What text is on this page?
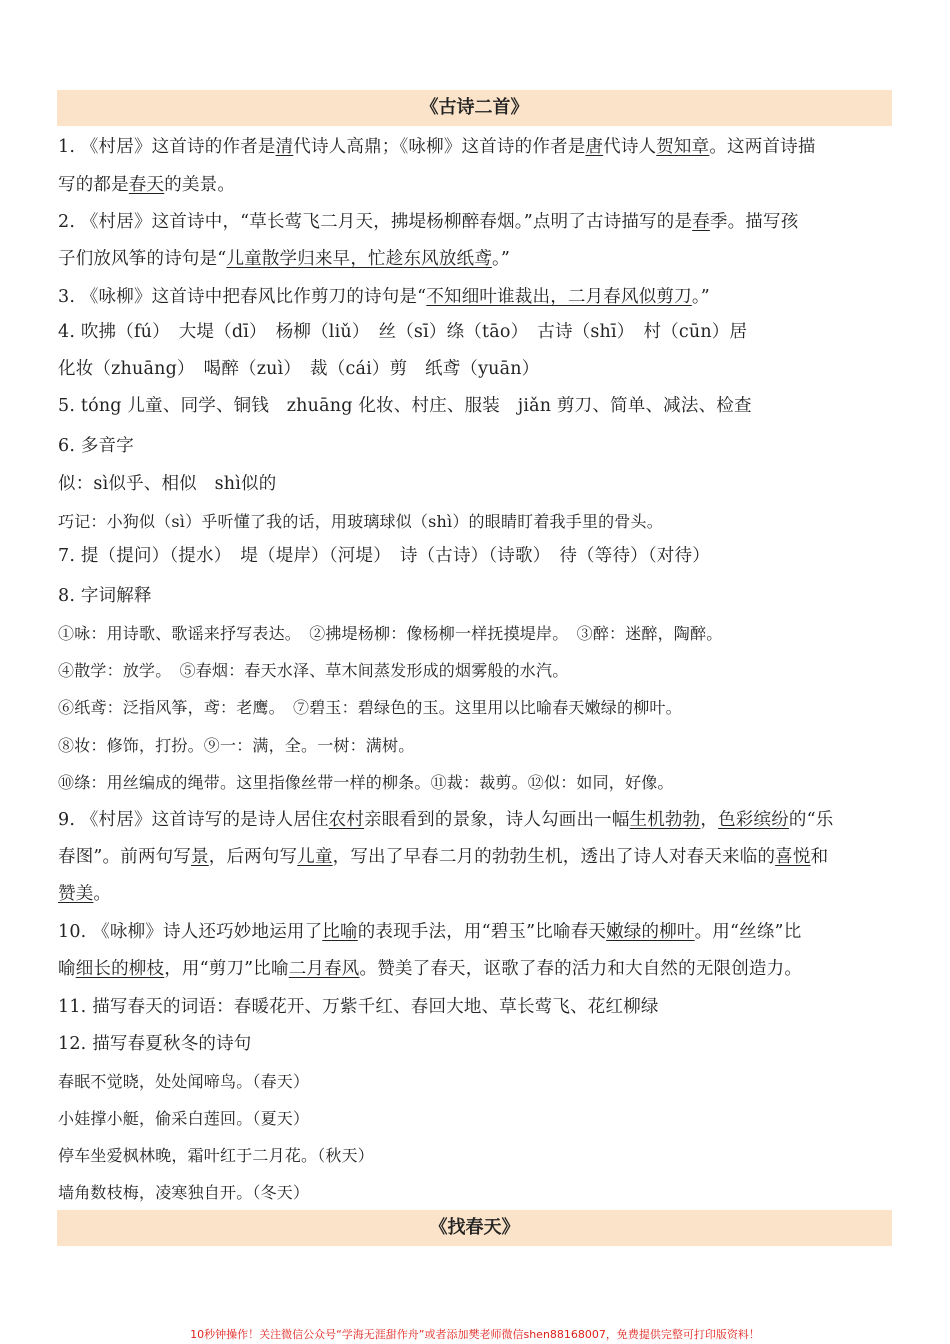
《古诗二首》
1. 《村居》这首诗的作者是清代诗人高鼎；《咏柳》这首诗的作者是唐代诗人贺知章。这两首诗描
写的都是春天的美景。
2. 《村居》这首诗中，“草长莺飞二月天，拂堤杨柳醉春烟。”点明了古诗描写的是春季。描写孩
子们放风筝的诗句是“儿童散学归来早，忙趁东风放纸鸢。”
3. 《咏柳》这首诗中把春风比作剪刀的诗句是“不知细叶谁裁出，二月春风似剪刀。”
4. 吹拂（fú）　大堤（dī）　杨柳（liǔ）　丝（sī）绦（tāo）　古诗（shī）　村（cūn）居
化妆（zhuāng）　喝醉（zuì）　裁（cái）剪　纸鸢（yuān）
5. tóng 儿童、同学、铜钱　zhuāng 化妆、村庄、服装　jiǎn 剪刀、简单、减法、检查
6. 多音字
似：sì似乎、相似　shì似的
巧记：小狗似（sì）乎听懂了我的话，用玻璃球似（shì）的眼睛盯着我手里的骨头。
7. 提（提问）（提水）　堤（堤岸）（河堤）　诗（古诗）（诗歌）　待（等待）（对待）
8. 字词解释
①咏：用诗歌、歌谣来抒写表达。　②拂堤杨柳：像杨柳一样抚摸堤岸。　③醉：迷醉，陶醉。
④散学：放学。　⑤春烟：春天水泽、草木间蒸发形成的烟雾般的水汽。
⑥纸鸢：泛指风筝，鸢：老鹰。　⑦碧玉：碧绿色的玉。这里用以比喻春天嫩绿的柳叶。
⑧妆：修饰，打扮。⑨一：满，全。一树：满树。
⑩绦：用丝编成的绳带。这里指像丝带一样的柳条。⑪裁：裁剪。⑫似：如同，好像。
9. 《村居》这首诗写的是诗人居住农村亲眼看到的景象，诗人勾画出一幅生机勃勃，色彩缤纷的“乐
春图”。前两句写景，后两句写儿童，写出了早春二月的勃勃生机，透出了诗人对春天来临的喜悦和
赞美。
10. 《咏柳》诗人还巧妙地运用了比喻的表现手法，用“碧玉”比喻春天嫩绿的柳叶。用“丝绦”比
喻细长的柳枝，用“剪刀”比喻二月春风。赞美了春天，讴歌了春的活力和大自然的无限创造力。
11. 描写春天的词语：春暖花开、万紫千红、春回大地、草长莺飞、花红柳绿
12. 描写春夏秋冬的诗句
春眠不觉晓，处处闻啼鸟。（春天）
小娃撑小艇，偷采白莲回。（夏天）
停车坐爱枫林晚，霜叶红于二月花。（秋天）
墙角数枝梅，凌寒独自开。（冬天）
《找春天》
10秒钟操作！关注微信公众号“学海无涯甜作舟”或者添加樊老师微信shen88168007，免费提供完整可打印版资料！
